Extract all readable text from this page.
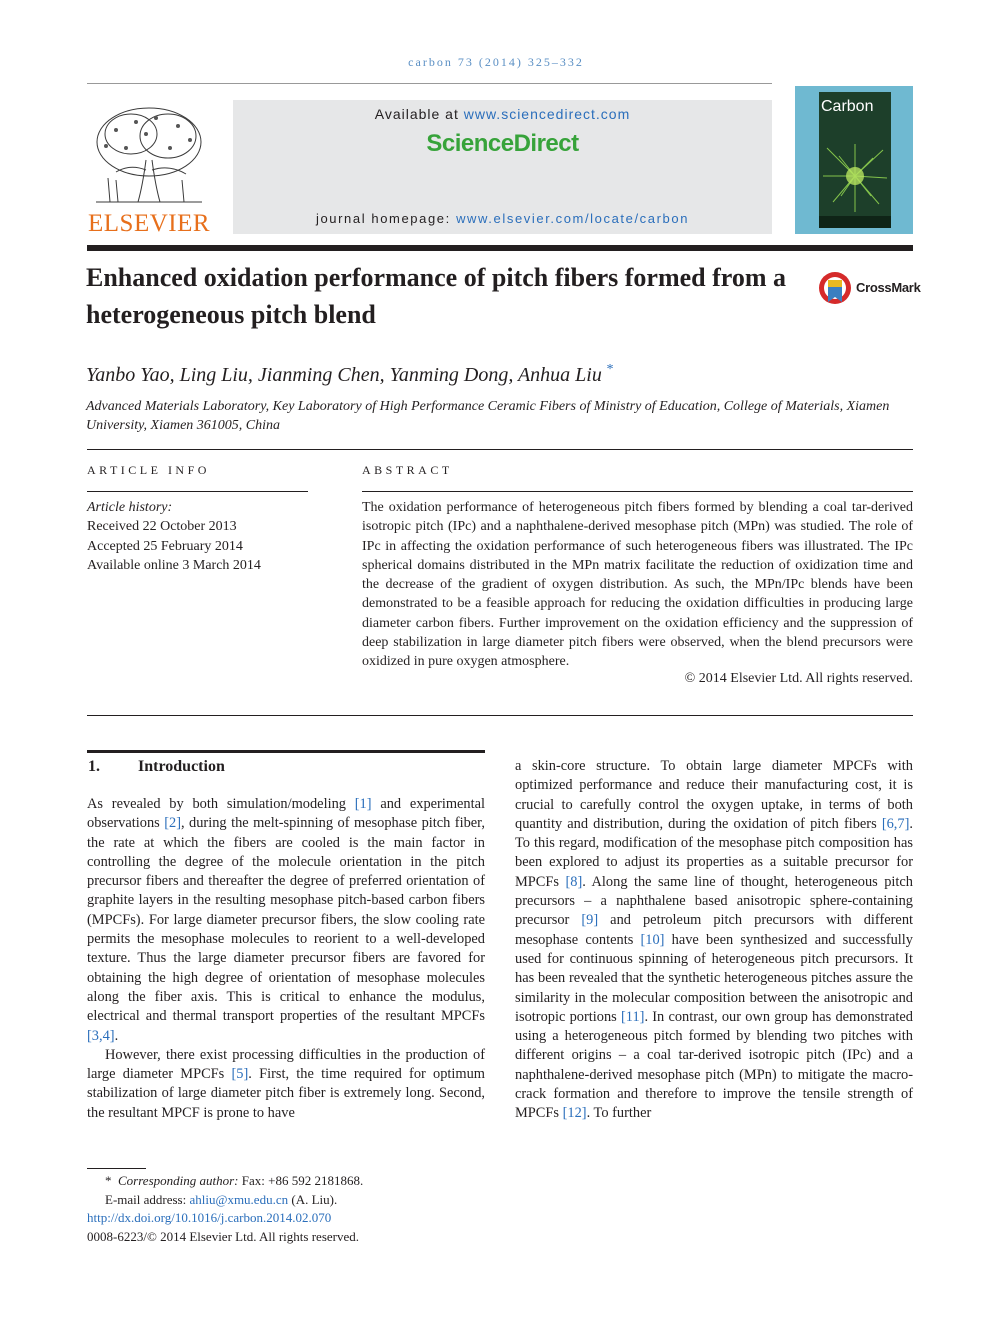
carbon 73 (2014) 325–332
ELSEVIER
Available at www.sciencedirect.com
ScienceDirect
journal homepage: www.elsevier.com/locate/carbon
Carbon
Enhanced oxidation performance of pitch fibers formed from a heterogeneous pitch blend
CrossMark
Yanbo Yao, Ling Liu, Jianming Chen, Yanming Dong, Anhua Liu *
Advanced Materials Laboratory, Key Laboratory of High Performance Ceramic Fibers of Ministry of Education, College of Materials, Xiamen University, Xiamen 361005, China
ARTICLE INFO	ABSTRACT
Article history:
Received 22 October 2013
Accepted 25 February 2014
Available online 3 March 2014
The oxidation performance of heterogeneous pitch fibers formed by blending a coal tar-derived isotropic pitch (IPc) and a naphthalene-derived mesophase pitch (MPn) was studied. The role of IPc in affecting the oxidation performance of such heterogeneous fibers was illustrated. The IPc spherical domains distributed in the MPn matrix facilitate the reduction of oxidization time and the decrease of the gradient of oxygen distribution. As such, the MPn/IPc blends have been demonstrated to be a feasible approach for reducing the oxidation difficulties in producing large diameter carbon fibers. Further improvement on the oxidation efficiency and the suppression of deep stabilization in large diameter pitch fibers were observed, when the blend precursors were oxidized in pure oxygen atmosphere.
© 2014 Elsevier Ltd. All rights reserved.
1. Introduction

As revealed by both simulation/modeling [1] and experimental observations [2], during the melt-spinning of mesophase pitch fiber, the rate at which the fibers are cooled is the main factor in controlling the degree of the molecule orientation in the pitch precursor fibers and thereafter the degree of preferred orientation of graphite layers in the resulting mesophase pitch-based carbon fibers (MPCFs). For large diameter precursor fibers, the slow cooling rate permits the mesophase molecules to reorient to a well-developed texture. Thus the large diameter precursor fibers are favored for obtaining the high degree of orientation of mesophase molecules along the fiber axis. This is critical to enhance the modulus, electrical and thermal transport properties of the resultant MPCFs [3,4].

However, there exist processing difficulties in the production of large diameter MPCFs [5]. First, the time required for optimum stabilization of large diameter pitch fiber is extremely long. Second, the resultant MPCF is prone to have

a skin-core structure. To obtain large diameter MPCFs with optimized performance and reduce their manufacturing cost, it is crucial to carefully control the oxygen uptake, in terms of both quantity and distribution, during the oxidation of pitch fibers [6,7]. To this regard, modification of the mesophase pitch composition has been explored to adjust its properties as a suitable precursor for MPCFs [8]. Along the same line of thought, heterogeneous pitch precursors – a naphthalene based anisotropic sphere-containing precursor [9] and petroleum pitch precursors with different mesophase contents [10] have been synthesized and successfully used for continuous spinning of heterogeneous pitch precursors. It has been revealed that the synthetic heterogeneous pitches assure the similarity in the molecular composition between the anisotropic and isotropic portions [11]. In contrast, our own group has demonstrated using a heterogeneous pitch formed by blending two pitches with different origins – a coal tar-derived isotropic pitch (IPc) and a naphthalene-derived mesophase pitch (MPn) to mitigate the macro-crack formation and therefore to improve the tensile strength of MPCFs [12]. To further

* Corresponding author: Fax: +86 592 2181868.
E-mail address: ahliu@xmu.edu.cn (A. Liu).
http://dx.doi.org/10.1016/j.carbon.2014.02.070
0008-6223/© 2014 Elsevier Ltd. All rights reserved.
